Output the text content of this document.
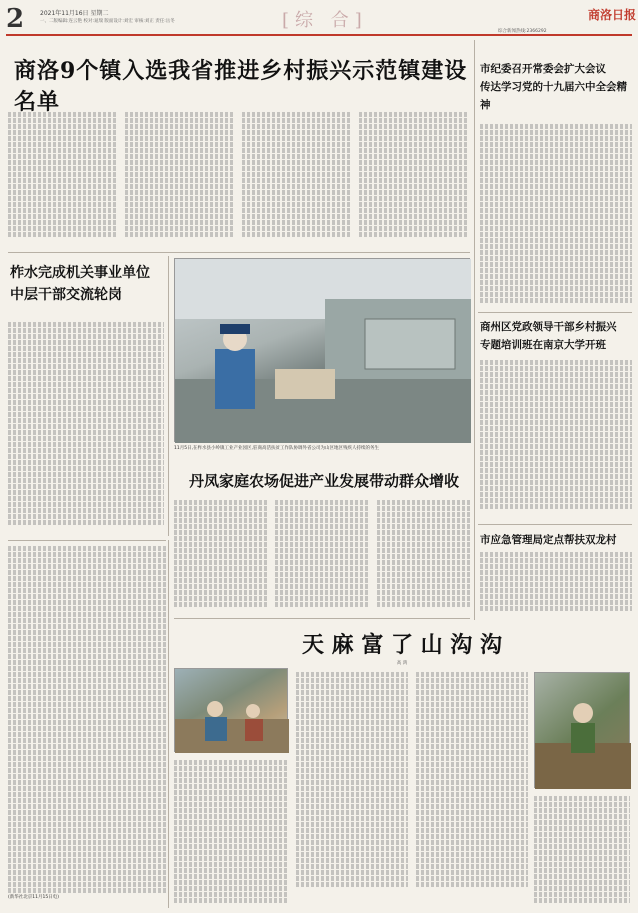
2	2021年11月16日 星期二
一、二版编辑:连云艳 校对:晁瑞 版面设计:刘宏 审核:刘正 责任:岳冬	[综 合]	商洛日报
综合新闻热线:2366292
商洛9个镇入选我省推进乡村振兴示范镇建设名单
柞水完成机关事业单位
中层干部交流轮岗
11月5日,在柞水县小岭镇工业产业园区,驻商高活扶贫工作队协调外省公司为山区地区残疾人持续的务生
丹凤家庭农场促进产业发展带动群众增收
(新华社北京11月15日电)
天 麻 富 了 山 沟 沟
高 鸿
市纪委召开常委会扩大会议
传达学习党的十九届六中全会精神
商州区党政领导干部乡村振兴
专题培训班在南京大学开班
市应急管理局定点帮扶双龙村
